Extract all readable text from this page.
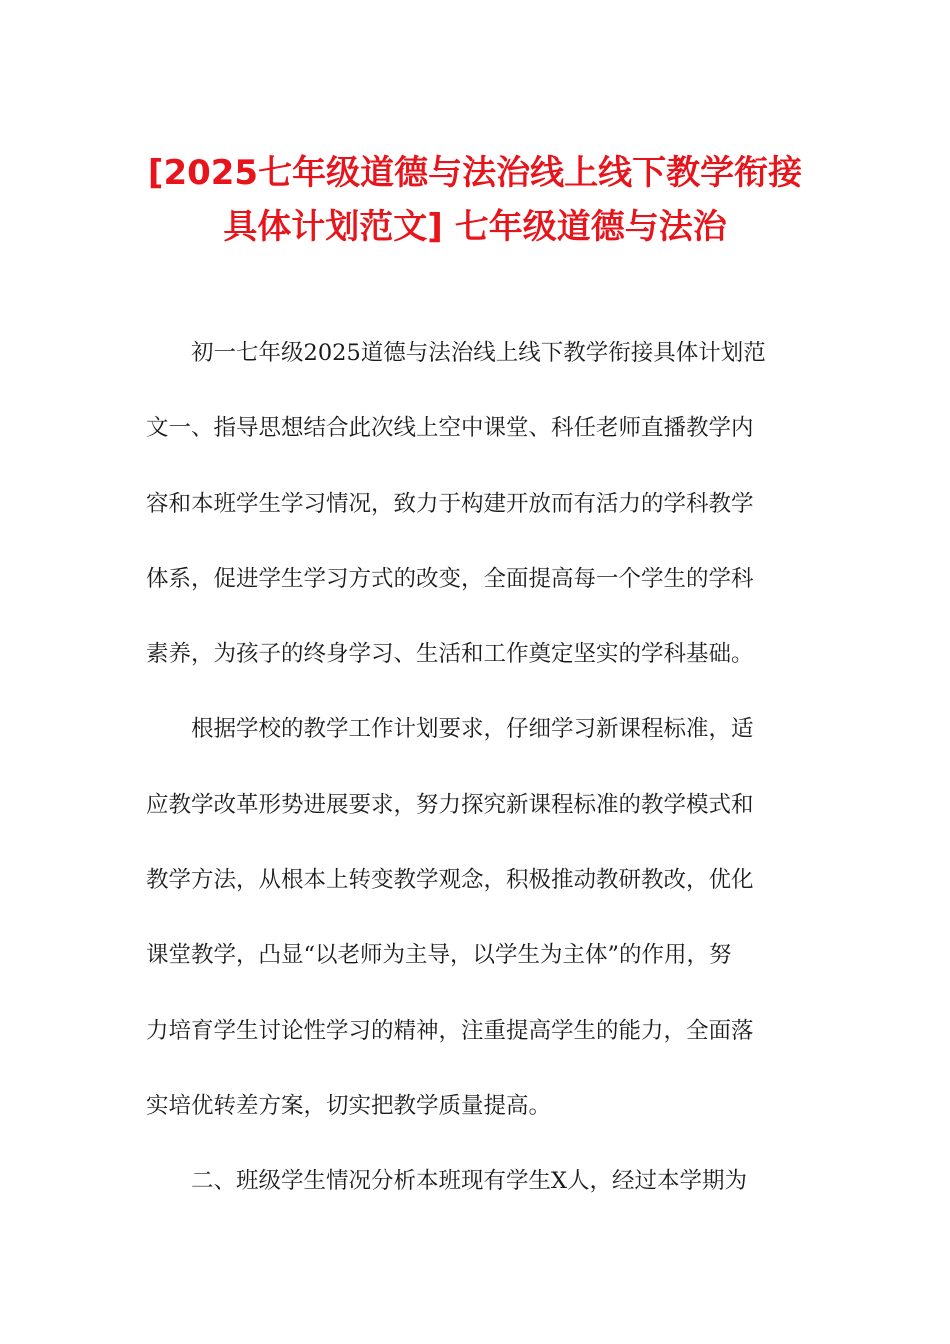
[2025七年级道德与法治线上线下教学衔接
具体计划范文] 七年级道德与法治
初一七年级2025道德与法治线上线下教学衔接具体计划范
文一、指导思想结合此次线上空中课堂、科任老师直播教学内
容和本班学生学习情况，致力于构建开放而有活力的学科教学
体系，促进学生学习方式的改变，全面提高每一个学生的学科
素养，为孩子的终身学习、生活和工作奠定坚实的学科基础。
根据学校的教学工作计划要求，仔细学习新课程标准，适
应教学改革形势进展要求，努力探究新课程标准的教学模式和
教学方法，从根本上转变教学观念，积极推动教研教改，优化
课堂教学，凸显“以老师为主导，以学生为主体”的作用，努
力培育学生讨论性学习的精神，注重提高学生的能力，全面落
实培优转差方案，切实把教学质量提高。
二、班级学生情况分析本班现有学生X人，经过本学期为
